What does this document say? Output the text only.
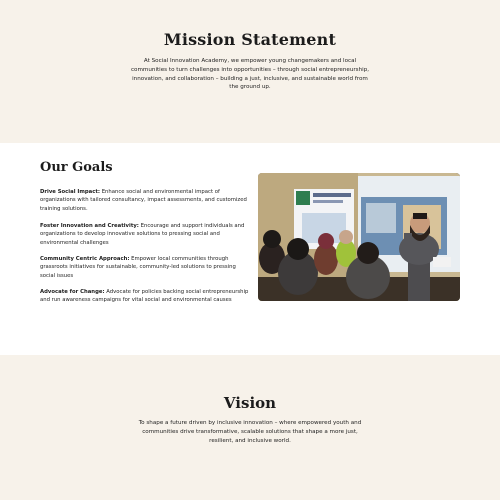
Mission Statement
At Social Innovation Academy, we empower young changemakers and local communities to turn challenges into opportunities – through social entrepreneurship, innovation, and collaboration – building a just, inclusive, and sustainable world from the ground up.
Our Goals
Drive Social Impact: Enhance social and environmental impact of organizations with tailored consultancy, impact assessments, and customized training solutions.
Foster Innovation and Creativity: Encourage and support individuals and organizations to develop innovative solutions to pressing social and environmental challenges
Community Centric Approach: Empower local communities through grassroots initiatives for sustainable, community-led solutions to pressing social issues
Advocate for Change: Advocate for policies backing social entrepreneurship and run awareness campaigns for vital social and environmental causes
Vision
To shape a future driven by inclusive innovation – where empowered youth and communities drive transformative, scalable solutions that shape a more just, resilient, and inclusive world.
